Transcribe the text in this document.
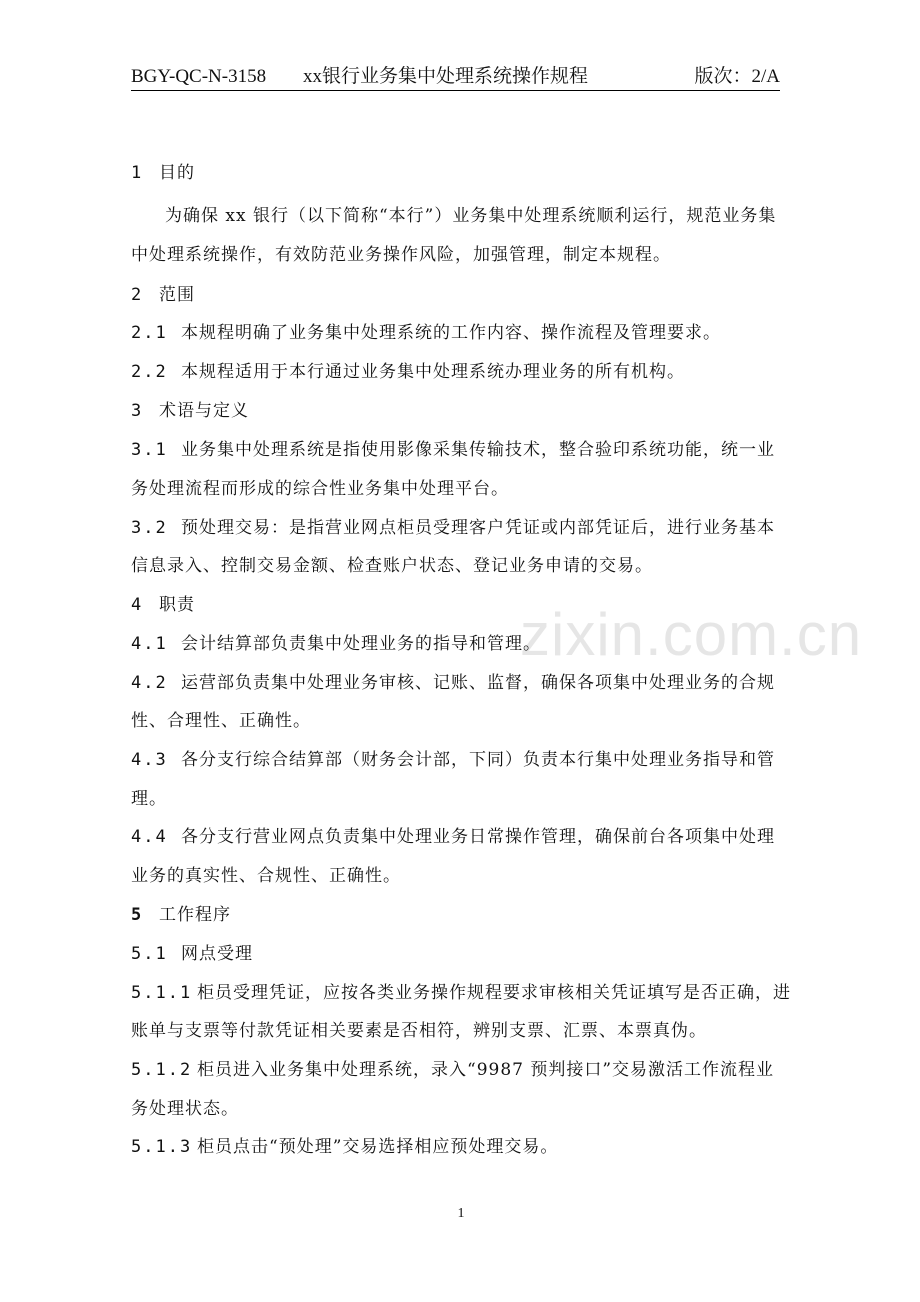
BGY-QC-N-3158 xx银行业务集中处理系统操作规程	版次：2/A
zixin.com.cn
1 目的
为确保 xx 银行（以下简称“本行”）业务集中处理系统顺利运行，规范业务集
中处理系统操作，有效防范业务操作风险，加强管理，制定本规程。
2 范围
2.1 本规程明确了业务集中处理系统的工作内容、操作流程及管理要求。
2.2 本规程适用于本行通过业务集中处理系统办理业务的所有机构。
3 术语与定义
3.1 业务集中处理系统是指使用影像采集传输技术，整合验印系统功能，统一业
务处理流程而形成的综合性业务集中处理平台。
3.2 预处理交易：是指营业网点柜员受理客户凭证或内部凭证后，进行业务基本
信息录入、控制交易金额、检查账户状态、登记业务申请的交易。
4 职责
4.1 会计结算部负责集中处理业务的指导和管理。
4.2 运营部负责集中处理业务审核、记账、监督，确保各项集中处理业务的合规
性、合理性、正确性。
4.3 各分支行综合结算部（财务会计部，下同）负责本行集中处理业务指导和管
理。
4.4 各分支行营业网点负责集中处理业务日常操作管理，确保前台各项集中处理
业务的真实性、合规性、正确性。
5 工作程序
5.1 网点受理
5.1.1 柜员受理凭证，应按各类业务操作规程要求审核相关凭证填写是否正确，进
账单与支票等付款凭证相关要素是否相符，辨别支票、汇票、本票真伪。
5.1.2 柜员进入业务集中处理系统，录入“9987 预判接口”交易激活工作流程业
务处理状态。
5.1.3 柜员点击“预处理”交易选择相应预处理交易。
1
